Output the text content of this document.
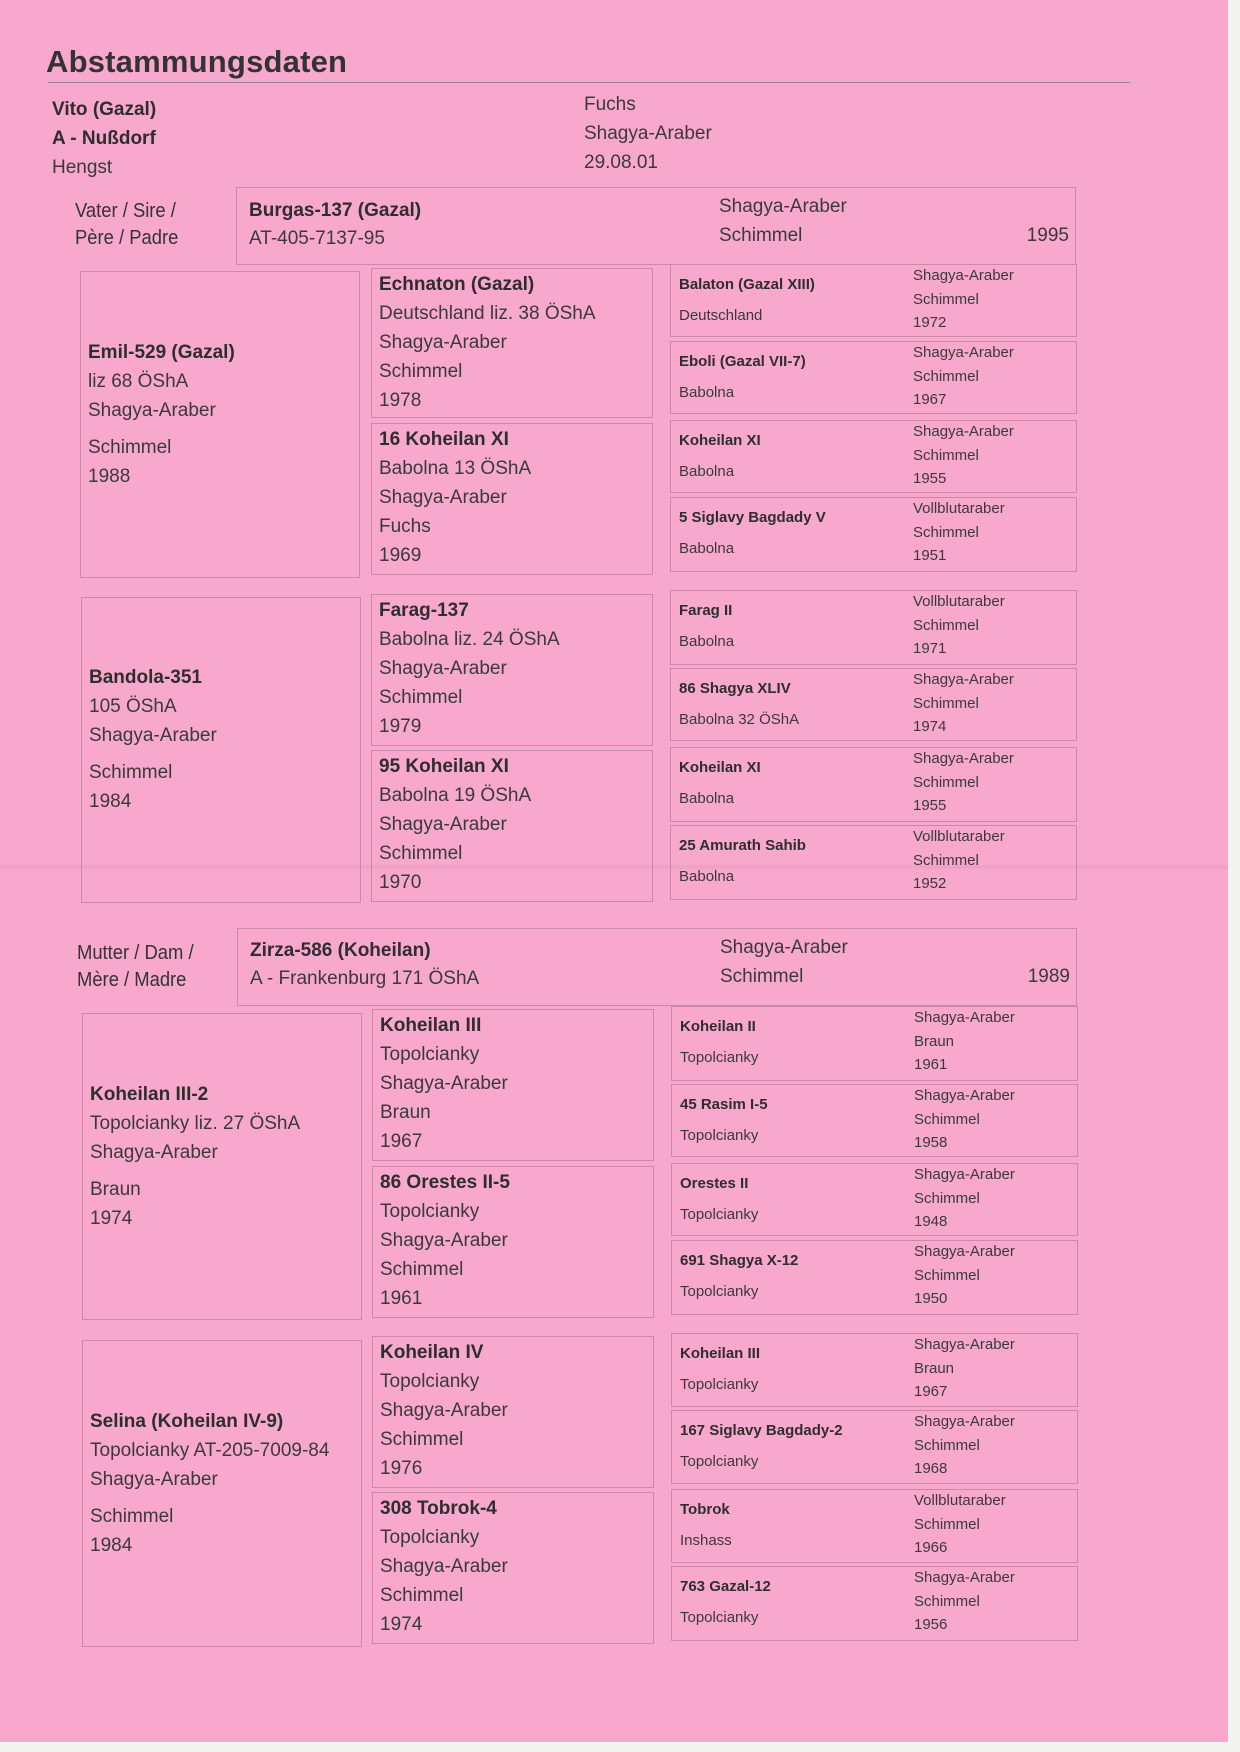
Abstammungsdaten
Vito (Gazal)
A - Nußdorf
Hengst
Fuchs
Shagya-Araber
29.08.01
Vater / Sire /
Père / Padre
Burgas-137 (Gazal)
AT-405-7137-95
Shagya-Araber
Schimmel	1995
Emil-529 (Gazal)
liz 68 ÖShA
Shagya-Araber
Schimmel
1988
Echnaton (Gazal)
Deutschland liz. 38 ÖShA
Shagya-Araber
Schimmel
1978
16 Koheilan XI
Babolna 13 ÖShA
Shagya-Araber
Fuchs
1969
Balaton (Gazal XIII)
Deutschland
Shagya-Araber
Schimmel
1972
Eboli (Gazal VII-7)
Babolna
Shagya-Araber
Schimmel
1967
Koheilan XI
Babolna
Shagya-Araber
Schimmel
1955
5 Siglavy Bagdady V
Babolna
Vollblutaraber
Schimmel
1951
Bandola-351
105 ÖShA
Shagya-Araber
Schimmel
1984
Farag-137
Babolna liz. 24 ÖShA
Shagya-Araber
Schimmel
1979
95 Koheilan XI
Babolna 19 ÖShA
Shagya-Araber
Schimmel
1970
Farag II
Babolna
Vollblutaraber
Schimmel
1971
86 Shagya XLIV
Babolna 32 ÖShA
Shagya-Araber
Schimmel
1974
Koheilan XI
Babolna
Shagya-Araber
Schimmel
1955
25 Amurath Sahib
Babolna
Vollblutaraber
Schimmel
1952
Mutter / Dam /
Mère / Madre
Zirza-586 (Koheilan)
A - Frankenburg 171 ÖShA
Shagya-Araber
Schimmel	1989
Koheilan III-2
Topolcianky liz. 27 ÖShA
Shagya-Araber
Braun
1974
Koheilan III
Topolcianky
Shagya-Araber
Braun
1967
86 Orestes II-5
Topolcianky
Shagya-Araber
Schimmel
1961
Koheilan II
Topolcianky
Shagya-Araber
Braun
1961
45 Rasim I-5
Topolcianky
Shagya-Araber
Schimmel
1958
Orestes II
Topolcianky
Shagya-Araber
Schimmel
1948
691 Shagya X-12
Topolcianky
Shagya-Araber
Schimmel
1950
Selina (Koheilan IV-9)
Topolcianky AT-205-7009-84
Shagya-Araber
Schimmel
1984
Koheilan IV
Topolcianky
Shagya-Araber
Schimmel
1976
308 Tobrok-4
Topolcianky
Shagya-Araber
Schimmel
1974
Koheilan III
Topolcianky
Shagya-Araber
Braun
1967
167 Siglavy Bagdady-2
Topolcianky
Shagya-Araber
Schimmel
1968
Tobrok
Inshass
Vollblutaraber
Schimmel
1966
763 Gazal-12
Topolcianky
Shagya-Araber
Schimmel
1956
